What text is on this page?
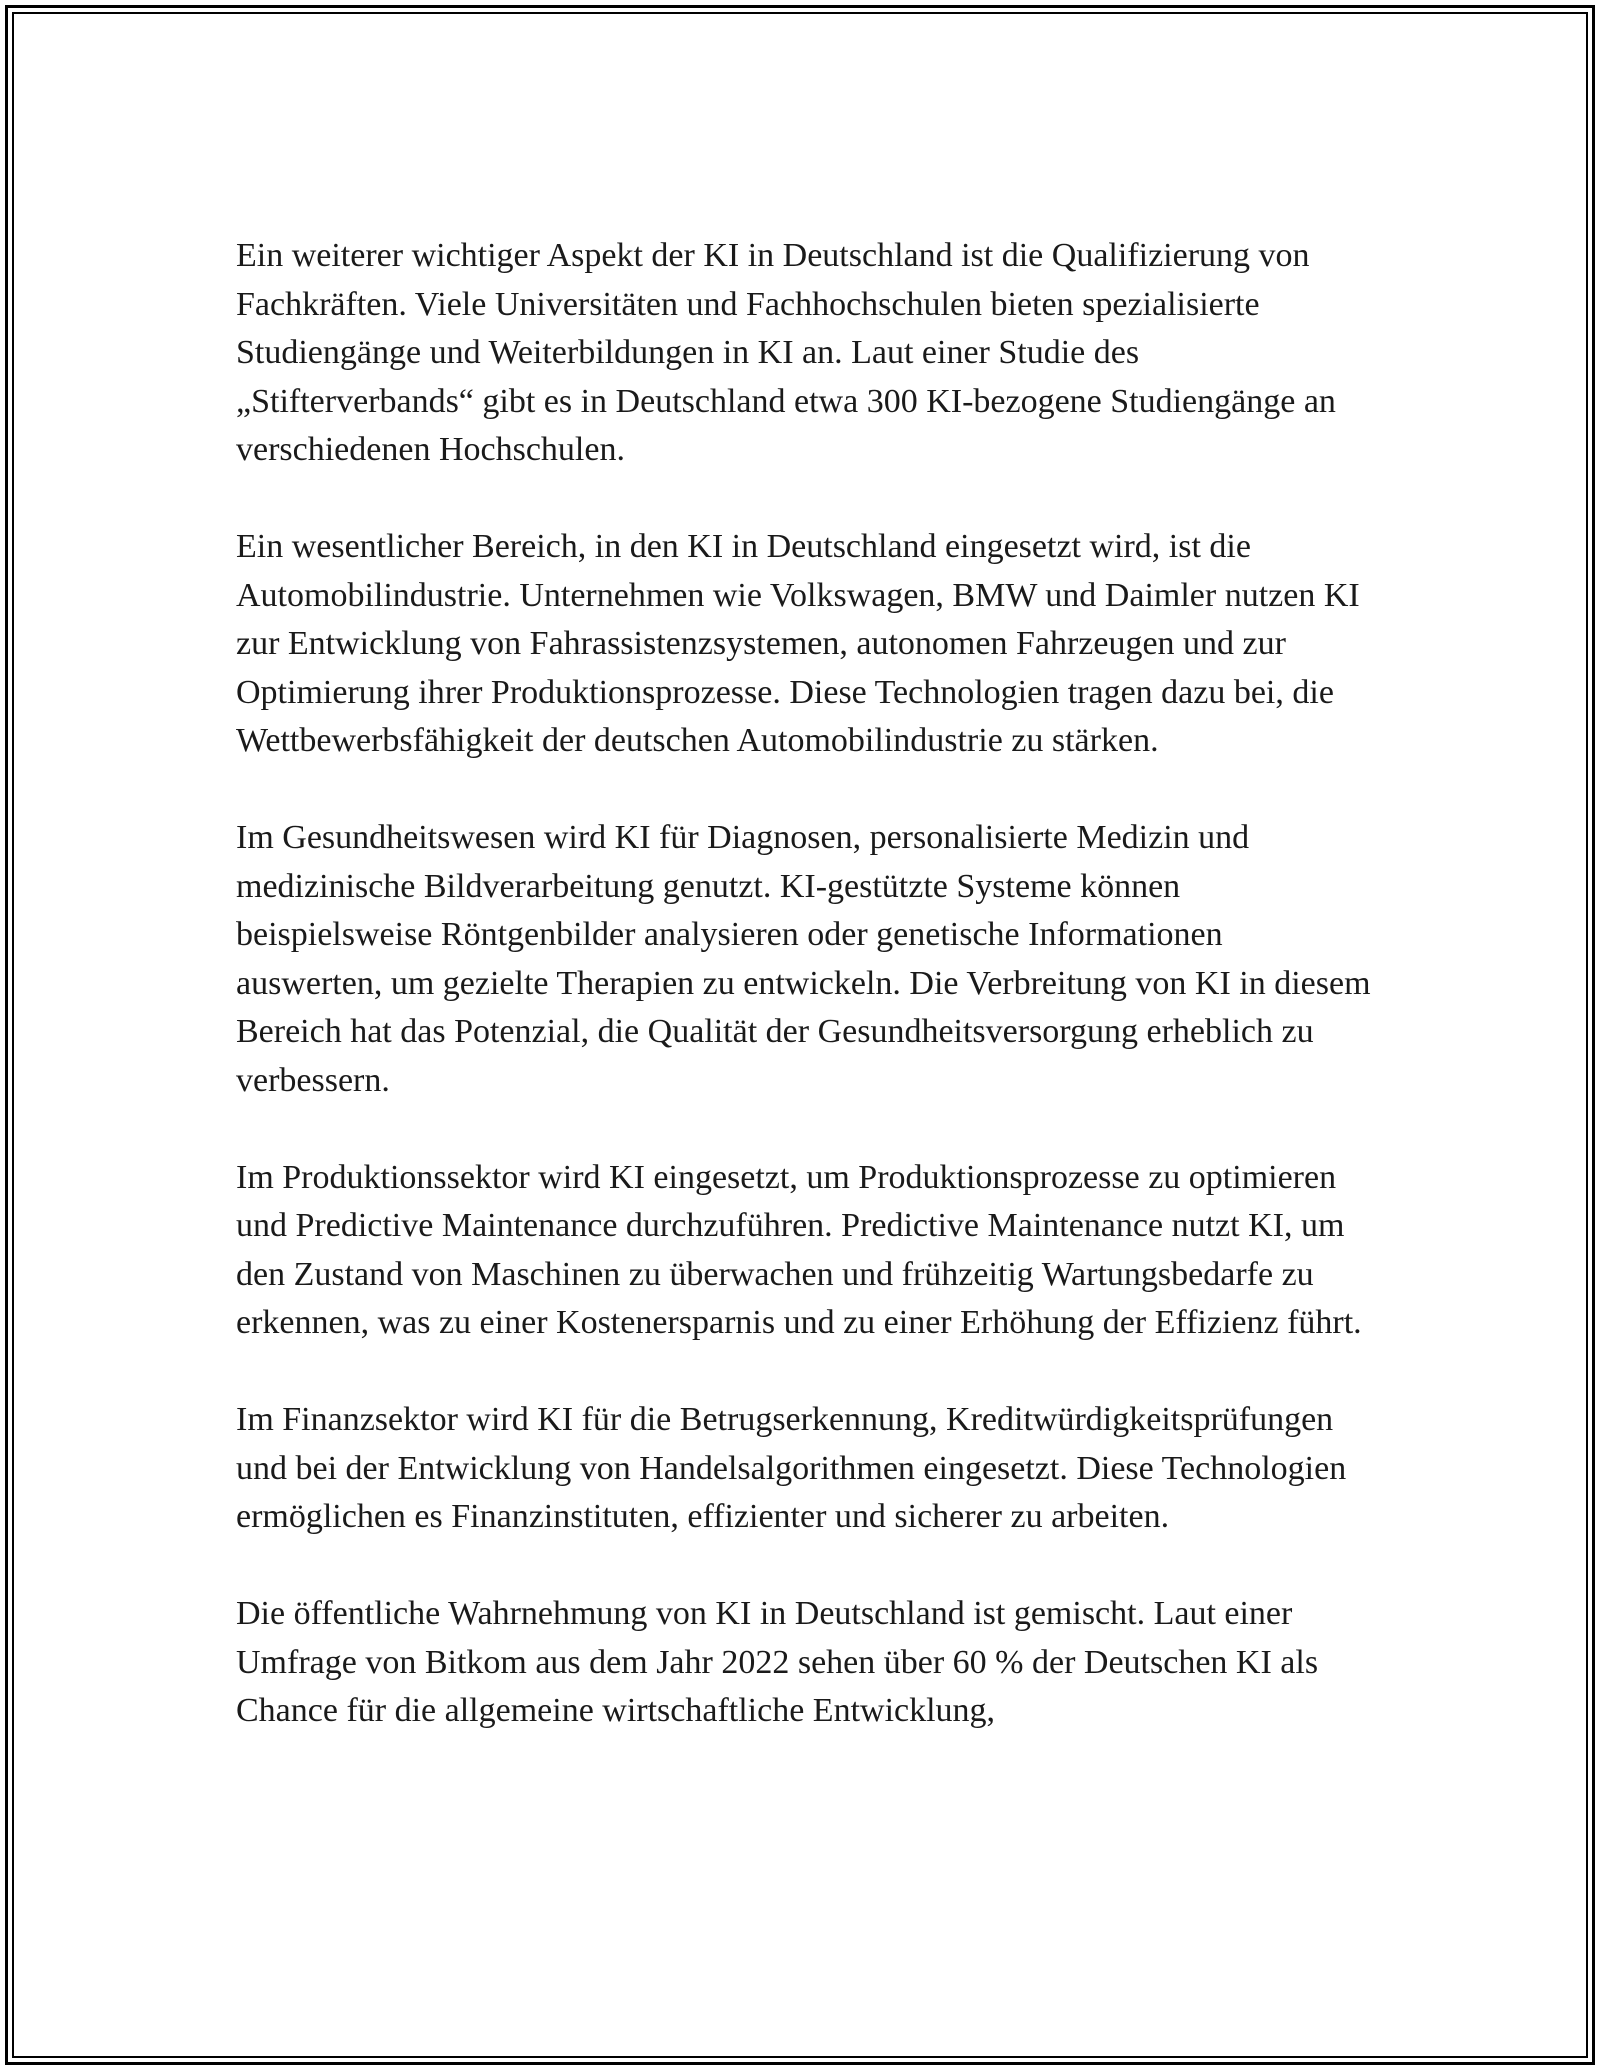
Ein weiterer wichtiger Aspekt der KI in Deutschland ist die Qualifizierung von Fachkräften. Viele Universitäten und Fachhochschulen bieten spezialisierte Studiengänge und Weiterbildungen in KI an. Laut einer Studie des „Stifterverbands“ gibt es in Deutschland etwa 300 KI-bezogene Studiengänge an verschiedenen Hochschulen.

Ein wesentlicher Bereich, in den KI in Deutschland eingesetzt wird, ist die Automobilindustrie. Unternehmen wie Volkswagen, BMW und Daimler nutzen KI zur Entwicklung von Fahrassistenzsystemen, autonomen Fahrzeugen und zur Optimierung ihrer Produktionsprozesse. Diese Technologien tragen dazu bei, die Wettbewerbsfähigkeit der deutschen Automobilindustrie zu stärken.

Im Gesundheitswesen wird KI für Diagnosen, personalisierte Medizin und medizinische Bildverarbeitung genutzt. KI-gestützte Systeme können beispielsweise Röntgenbilder analysieren oder genetische Informationen auswerten, um gezielte Therapien zu entwickeln. Die Verbreitung von KI in diesem Bereich hat das Potenzial, die Qualität der Gesundheitsversorgung erheblich zu verbessern.

Im Produktionssektor wird KI eingesetzt, um Produktionsprozesse zu optimieren und Predictive Maintenance durchzuführen. Predictive Maintenance nutzt KI, um den Zustand von Maschinen zu überwachen und frühzeitig Wartungsbedarfe zu erkennen, was zu einer Kostenersparnis und zu einer Erhöhung der Effizienz führt.

Im Finanzsektor wird KI für die Betrugserkennung, Kreditwürdigkeitsprüfungen und bei der Entwicklung von Handelsalgorithmen eingesetzt. Diese Technologien ermöglichen es Finanzinstituten, effizienter und sicherer zu arbeiten.

Die öffentliche Wahrnehmung von KI in Deutschland ist gemischt. Laut einer Umfrage von Bitkom aus dem Jahr 2022 sehen über 60 % der Deutschen KI als Chance für die allgemeine wirtschaftliche Entwicklung,
